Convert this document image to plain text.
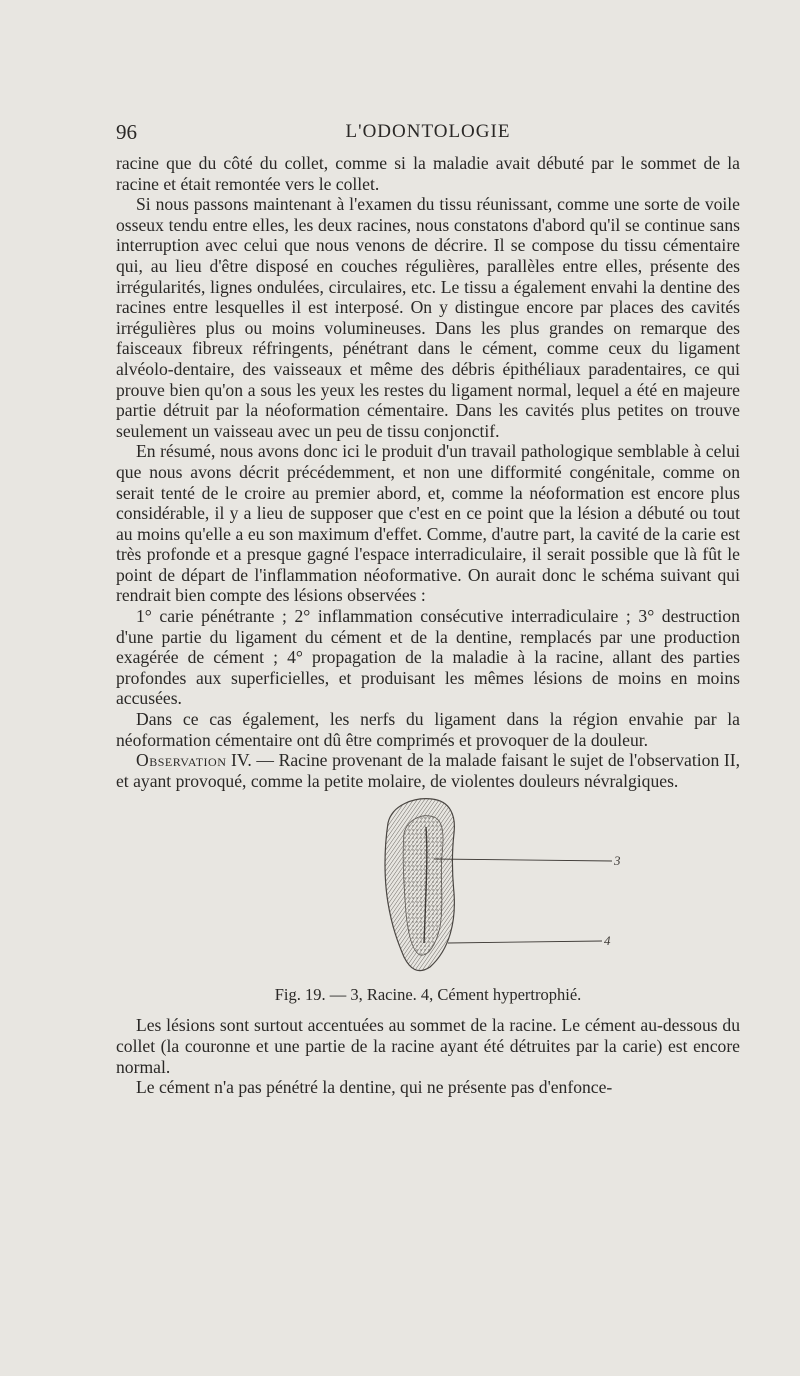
96	L'ODONTOLOGIE

racine que du côté du collet, comme si la maladie avait débuté par le sommet de la racine et était remontée vers le collet.

Si nous passons maintenant à l'examen du tissu réunissant, comme une sorte de voile osseux tendu entre elles, les deux racines, nous constatons d'abord qu'il se continue sans interruption avec celui que nous venons de décrire. Il se compose du tissu cémentaire qui, au lieu d'être disposé en couches régulières, parallèles entre elles, présente des irrégularités, lignes ondulées, circulaires, etc. Le tissu a également envahi la dentine des racines entre lesquelles il est interposé. On y distingue encore par places des cavités irrégulières plus ou moins volumineuses. Dans les plus grandes on remarque des faisceaux fibreux réfringents, pénétrant dans le cément, comme ceux du ligament alvéolo-dentaire, des vaisseaux et même des débris épithéliaux paradentaires, ce qui prouve bien qu'on a sous les yeux les restes du ligament normal, lequel a été en majeure partie détruit par la néoformation cémentaire. Dans les cavités plus petites on trouve seulement un vaisseau avec un peu de tissu conjonctif.

En résumé, nous avons donc ici le produit d'un travail pathologique semblable à celui que nous avons décrit précédemment, et non une difformité congénitale, comme on serait tenté de le croire au premier abord, et, comme la néoformation est encore plus considérable, il y a lieu de supposer que c'est en ce point que la lésion a débuté ou tout au moins qu'elle a eu son maximum d'effet. Comme, d'autre part, la cavité de la carie est très profonde et a presque gagné l'espace interradiculaire, il serait possible que là fût le point de départ de l'inflammation néoformative. On aurait donc le schéma suivant qui rendrait bien compte des lésions observées :

1° carie pénétrante ; 2° inflammation consécutive interradiculaire ; 3° destruction d'une partie du ligament du cément et de la dentine, remplacés par une production exagérée de cément ; 4° propagation de la maladie à la racine, allant des parties profondes aux superficielles, et produisant les mêmes lésions de moins en moins accusées.

Dans ce cas également, les nerfs du ligament dans la région envahie par la néoformation cémentaire ont dû être comprimés et provoquer de la douleur.

Observation IV. — Racine provenant de la malade faisant le sujet de l'observation II, et ayant provoqué, comme la petite molaire, de violentes douleurs névralgiques.

3
4
Fig. 19. — 3, Racine. 4, Cément hypertrophié.

Les lésions sont surtout accentuées au sommet de la racine. Le cément au-dessous du collet (la couronne et une partie de la racine ayant été détruites par la carie) est encore normal.

Le cément n'a pas pénétré la dentine, qui ne présente pas d'enfonce-
